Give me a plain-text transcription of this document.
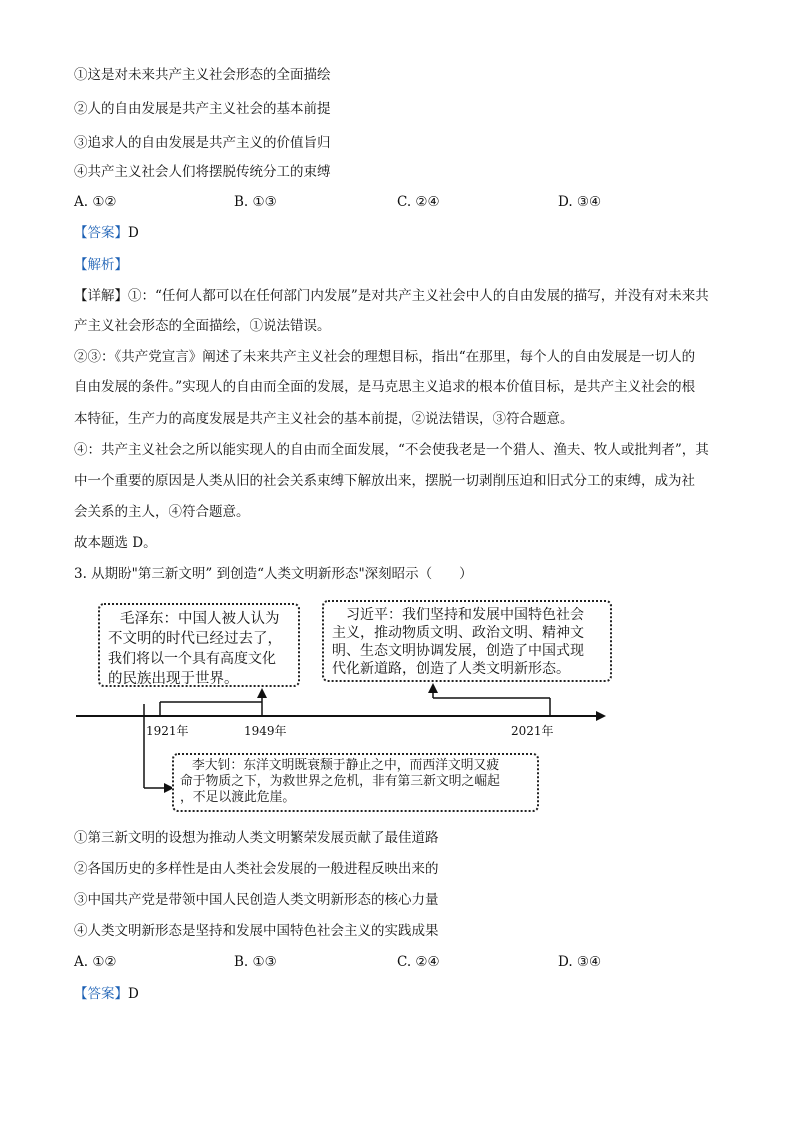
①这是对未来共产主义社会形态的全面描绘
②人的自由发展是共产主义社会的基本前提
③追求人的自由发展是共产主义的价值旨归
④共产主义社会人们将摆脱传统分工的束缚
A. ①②	B. ①③	C. ②④	D. ③④
【答案】D
【解析】
【详解】①：“任何人都可以在任何部门内发展”是对共产主义社会中人的自由发展的描写，并没有对未来共
产主义社会形态的全面描绘，①说法错误。
②③：《共产党宣言》阐述了未来共产主义社会的理想目标，指出“在那里，每个人的自由发展是一切人的
自由发展的条件。”实现人的自由而全面的发展，是马克思主义追求的根本价值目标，是共产主义社会的根
本特征，生产力的高度发展是共产主义社会的基本前提，②说法错误，③符合题意。
④：共产主义社会之所以能实现人的自由而全面发展，“不会使我老是一个猎人、渔夫、牧人或批判者”，其
中一个重要的原因是人类从旧的社会关系束缚下解放出来，摆脱一切剥削压迫和旧式分工的束缚，成为社
会关系的主人，④符合题意。
故本题选 D。
3. 从期盼"第三新文明” 到创造“人类文明新形态"深刻昭示（　　）
1921年	1949年	2021年

毛泽东：中国人被人认为

不文明的时代已经过去了，

我们将以一个具有高度文化

的民族出现于世界。

习近平：我们坚持和发展中国特色社会

主义，推动物质文明、政治文明、精神文

明、生态文明协调发展，创造了中国式现

代化新道路，创造了人类文明新形态。

李大钊：东洋文明既衰颓于静止之中，而西洋文明又疲

命于物质之下，为救世界之危机，非有第三新文明之崛起

，不足以渡此危崖。

①第三新文明的设想为推动人类文明繁荣发展贡献了最佳道路
②各国历史的多样性是由人类社会发展的一般进程反映出来的
③中国共产党是带领中国人民创造人类文明新形态的核心力量
④人类文明新形态是坚持和发展中国特色社会主义的实践成果
A. ①②	B. ①③	C. ②④	D. ③④
【答案】D
